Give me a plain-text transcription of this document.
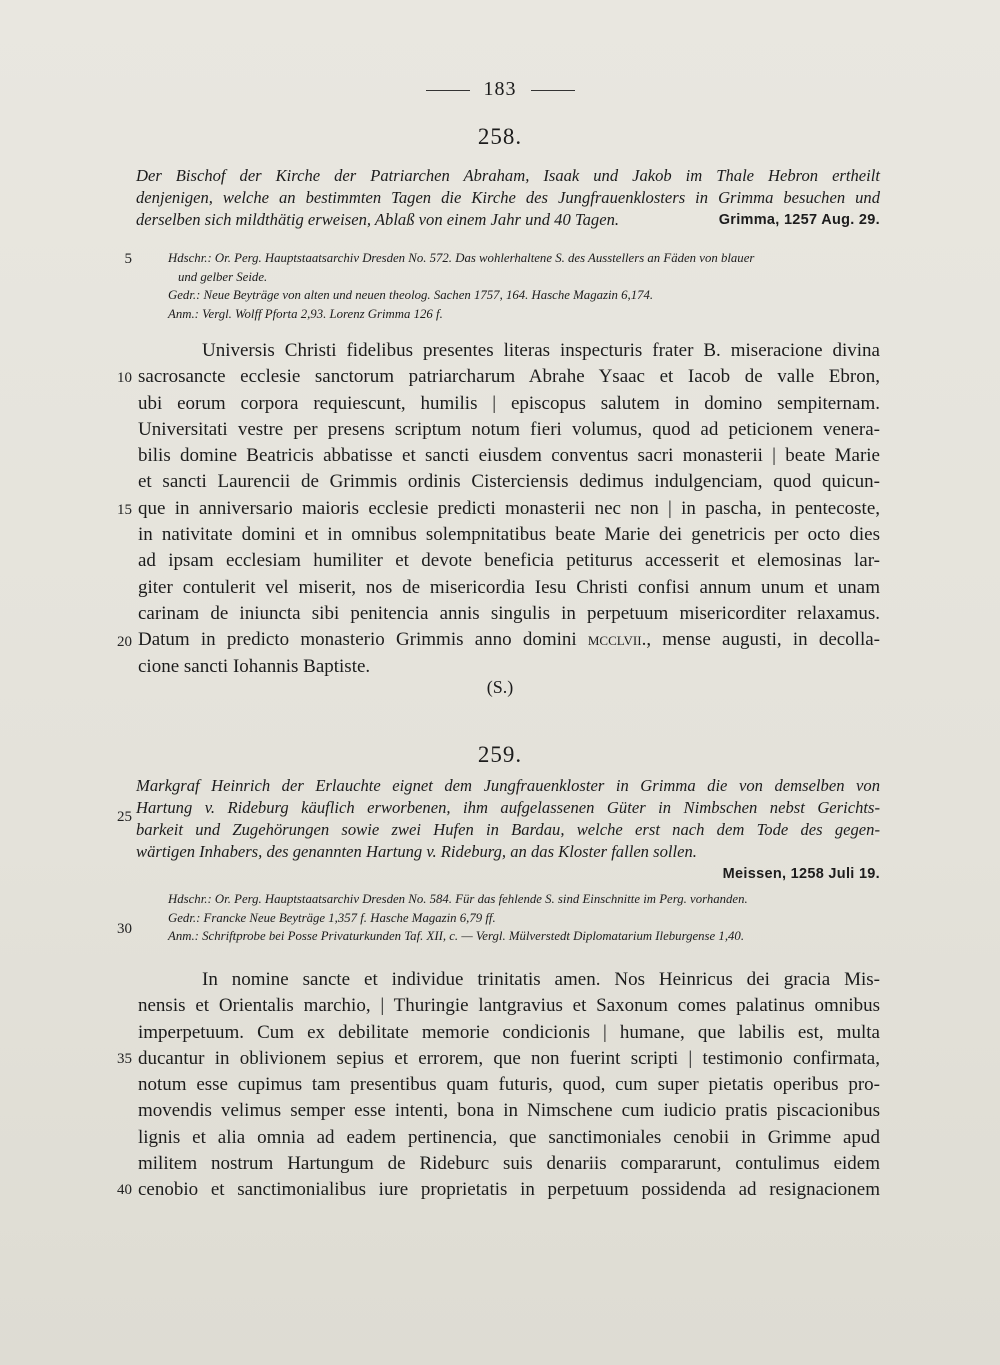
183
258.
Der Bischof der Kirche der Patriarchen Abraham, Isaak und Jakob im Thale Hebron ertheilt
denjenigen, welche an bestimmten Tagen die Kirche des Jungfrauenklosters in Grimma besuchen und
derselben sich mildthätig erweisen, Ablaß von einem Jahr und 40 Tagen.	Grimma, 1257 Aug. 29.
Hdschr.: Or. Perg. Hauptstaatsarchiv Dresden No. 572. Das wohlerhaltene S. des Ausstellers an Fäden von blauer
und gelber Seide.
Gedr.: Neue Beyträge von alten und neuen theolog. Sachen 1757, 164. Hasche Magazin 6,174.
Anm.: Vergl. Wolff Pforta 2,93. Lorenz Grimma 126 f.
Universis Christi fidelibus presentes literas inspecturis frater B. miseracione divina
sacrosancte ecclesie sanctorum patriarcharum Abrahe Ysaac et Iacob de valle Ebron,
ubi eorum corpora requiescunt, humilis | episcopus salutem in domino sempiternam.
Universitati vestre per presens scriptum notum fieri volumus, quod ad peticionem venera-
bilis domine Beatricis abbatisse et sancti eiusdem conventus sacri monasterii | beate Marie
et sancti Laurencii de Grimmis ordinis Cisterciensis dedimus indulgenciam, quod quicun-
que in anniversario maioris ecclesie predicti monasterii nec non | in pascha, in pentecoste,
in nativitate domini et in omnibus solempnitatibus beate Marie dei genetricis per octo dies
ad ipsam ecclesiam humiliter et devote beneficia petiturus accesserit et elemosinas lar-
giter contulerit vel miserit, nos de misericordia Iesu Christi confisi annum unum et unam
carinam de iniuncta sibi penitencia annis singulis in perpetuum misericorditer relaxamus.
Datum in predicto monasterio Grimmis anno domini mcclvii., mense augusti, in decolla-
cione sancti Iohannis Baptiste.
(S.)
259.
Markgraf Heinrich der Erlauchte eignet dem Jungfrauenkloster in Grimma die von demselben von
Hartung v. Rideburg käuflich erworbenen, ihm aufgelassenen Güter in Nimbschen nebst Gerichts-
barkeit und Zugehörungen sowie zwei Hufen in Bardau, welche erst nach dem Tode des gegen-
wärtigen Inhabers, des genannten Hartung v. Rideburg, an das Kloster fallen sollen.
Meissen, 1258 Juli 19.
Hdschr.: Or. Perg. Hauptstaatsarchiv Dresden No. 584. Für das fehlende S. sind Einschnitte im Perg. vorhanden.
Gedr.: Francke Neue Beyträge 1,357 f. Hasche Magazin 6,79 ff.
Anm.: Schriftprobe bei Posse Privaturkunden Taf. XII, c. — Vergl. Mülverstedt Diplomatarium Ileburgense 1,40.
In nomine sancte et individue trinitatis amen. Nos Heinricus dei gracia Mis-
nensis et Orientalis marchio, | Thuringie lantgravius et Saxonum comes palatinus omnibus
imperpetuum. Cum ex debilitate memorie condicionis | humane, que labilis est, multa
ducantur in oblivionem sepius et errorem, que non fuerint scripti | testimonio confirmata,
notum esse cupimus tam presentibus quam futuris, quod, cum super pietatis operibus pro-
movendis velimus semper esse intenti, bona in Nimschene cum iudicio pratis piscacionibus
lignis et alia omnia ad eadem pertinencia, que sanctimoniales cenobii in Grimme apud
militem nostrum Hartungum de Rideburc suis denariis compararunt, contulimus eidem
cenobio et sanctimonialibus iure proprietatis in perpetuum possidenda ad resignacionem
5
10
15
20
25
30
35
40
